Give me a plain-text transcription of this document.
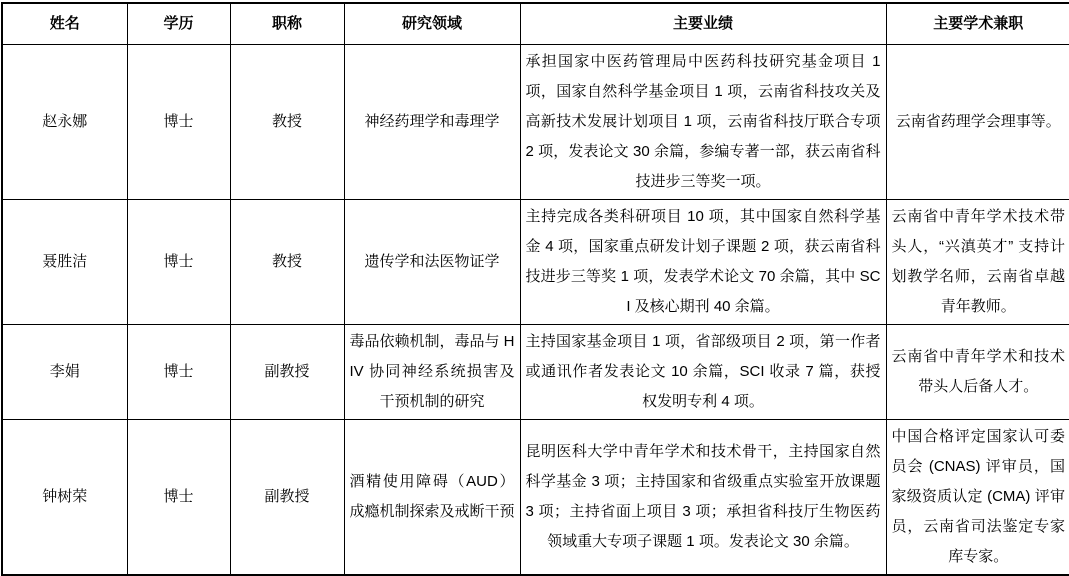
姓名	学历	职称	研究领域	主要业绩	主要学术兼职
赵永娜	博士	教授	神经药理学和毒理学	承担国家中医药管理局中医药科技研究基金项目 1 项，国家自然科学基金项目 1 项，云南省科技攻关及高新技术发展计划项目 1 项，云南省科技厅联合专项 2 项，发表论文 30 余篇，参编专著一部，获云南省科技进步三等奖一项。	云南省药理学会理事等。
聂胜洁	博士	教授	遗传学和法医物证学	主持完成各类科研项目 10 项，其中国家自然科学基金 4 项，国家重点研发计划子课题 2 项，获云南省科技进步三等奖 1 项，发表学术论文 70 余篇，其中 SCI 及核心期刊 40 余篇。	云南省中青年学术技术带头人，“兴滇英才” 支持计划教学名师，云南省卓越青年教师。
李娟	博士	副教授	毒品依赖机制，毒品与 HIV 协同神经系统损害及干预机制的研究	主持国家基金项目 1 项，省部级项目 2 项，第一作者或通讯作者发表论文 10 余篇，SCI 收录 7 篇，获授权发明专利 4 项。	云南省中青年学术和技术带头人后备人才。
钟树荣	博士	副教授	酒精使用障碍（AUD）成瘾机制探索及戒断干预	昆明医科大学中青年学术和技术骨干，主持国家自然科学基金 3 项；主持国家和省级重点实验室开放课题 3 项；主持省面上项目 3 项；承担省科技厅生物医药领域重大专项子课题 1 项。发表论文 30 余篇。	中国合格评定国家认可委员会 (CNAS) 评审员，国家级资质认定 (CMA) 评审员，云南省司法鉴定专家库专家。
